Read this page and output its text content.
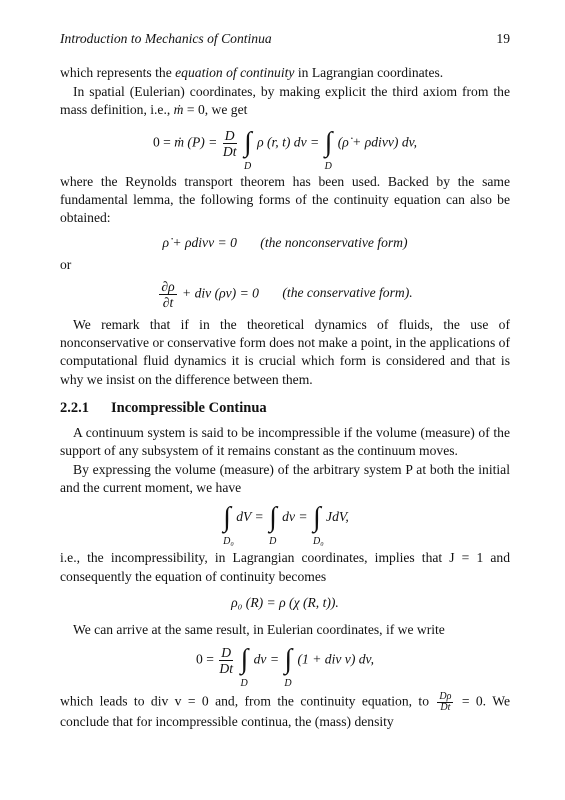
Introduction to Mechanics of Continua	19

which represents the equation of continuity in Lagrangian coordinates.

In spatial (Eulerian) coordinates, by making explicit the third axiom from the mass definition, i.e., ṁ = 0, we get

0 = ṁ $(P) = \frac{D}{Dt}$ ∫
D
ρ (r, t) dv = ∫
D
(ρ̇ + ρdivv) dv,

where the Reynolds transport theorem has been used. Backed by the same fundamental lemma, the following forms of the continuity equation can also be obtained:

ρ̇ + ρdivv = 0 (the nonconservative form)

or

$\frac{\partial\rho}{\partial t}$ + div (ρv) = 0 (the conservative form).

We remark that if in the theoretical dynamics of fluids, the use of nonconservative or conservative form does not make a point, in the applications of computational fluid dynamics it is crucial which form is considered and that is why we insist on the difference between them.

2.2.1 Incompressible Continua

A continuum system is said to be incompressible if the volume (measure) of the support of any subsystem of it remains constant as the continuum moves.

By expressing the volume (measure) of the arbitrary system P at both the initial and the current moment, we have

∫
D₀
dV = ∫
D
dv = ∫
D₀
JdV,

i.e., the incompressibility, in Lagrangian coordinates, implies that J = 1 and consequently the equation of continuity becomes

ρ₀ (R) = ρ (χ (R, t)).

We can arrive at the same result, in Eulerian coordinates, if we write

$0 = \frac{D}{Dt}$ ∫
D
dv = ∫
D
(1 + div v) dv,

which leads to div v = 0 and, from the continuity equation, to $\frac{D\rho}{Dt} = 0$. We conclude that for incompressible continua, the (mass) density
